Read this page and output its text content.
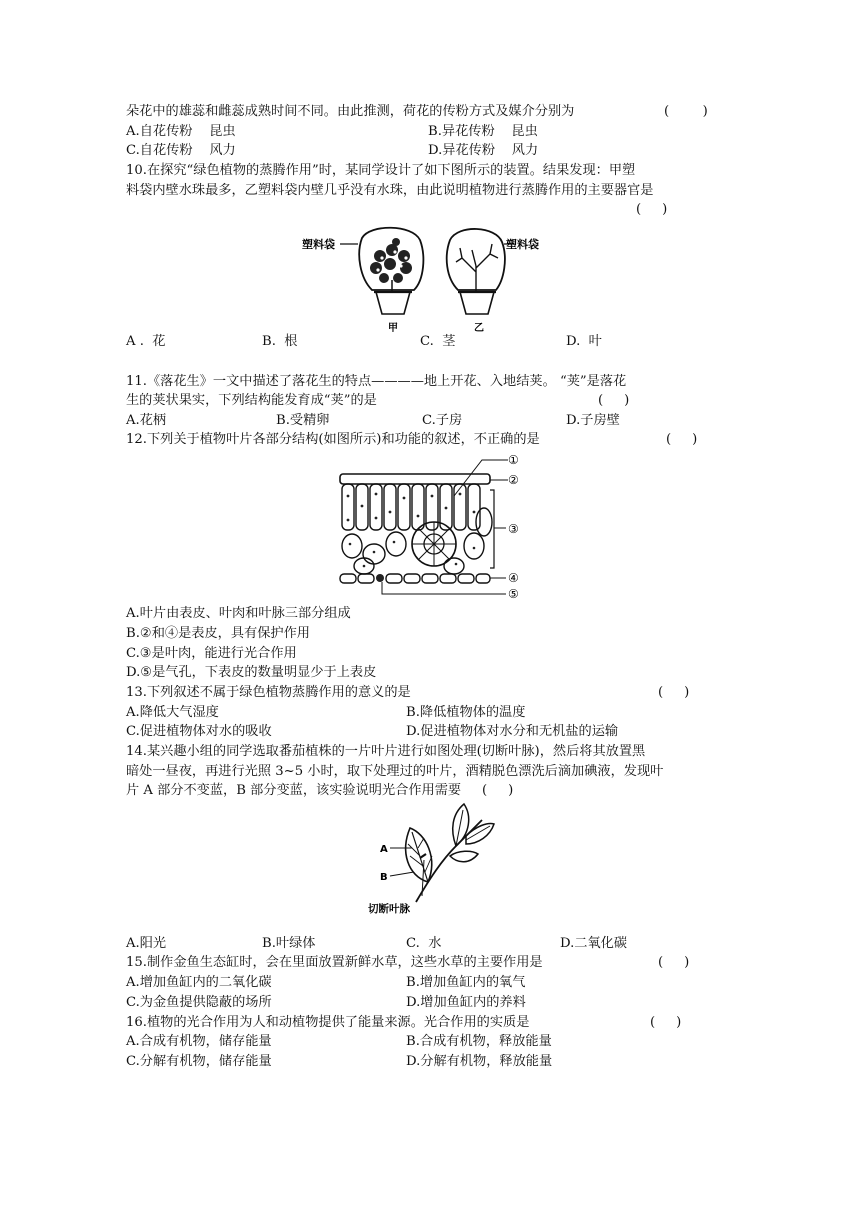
朵花中的雄蕊和雌蕊成熟时间不同。由此推测，荷花的传粉方式及媒介分别为	(        )
A.自花传粉    昆虫	B.异花传粉    昆虫
C.自花传粉    风力	D.异花传粉    风力
10.在探究“绿色植物的蒸腾作用”时，某同学设计了如下图所示的装置。结果发现：甲塑
料袋内壁水珠最多，乙塑料袋内壁几乎没有水珠，由此说明植物进行蒸腾作用的主要器官是
(     )
塑料袋
甲	乙
塑料袋
A .  花	B.  根	C.  茎	D.  叶
11.《落花生》一文中描述了落花生的特点————地上开花、入地结荚。 “荚”是落花
生的荚状果实，下列结构能发育成“荚”的是	(     )
A.花柄	B.受精卵	C.子房	D.子房壁
12.下列关于植物叶片各部分结构(如图所示)和功能的叙述，不正确的是	(     )
①
②
③
④
⑤
A.叶片由表皮、叶肉和叶脉三部分组成
B.②和④是表皮，具有保护作用
C.③是叶肉，能进行光合作用
D.⑤是气孔，下表皮的数量明显少于上表皮
13.下列叙述不属于绿色植物蒸腾作用的意义的是	(     )
A.降低大气湿度	B.降低植物体的温度
C.促进植物体对水的吸收	D.促进植物体对水分和无机盐的运输
14.某兴趣小组的同学选取番茄植株的一片叶片进行如图处理(切断叶脉)，然后将其放置黑
暗处一昼夜，再进行光照 3~5 小时，取下处理过的叶片，酒精脱色漂洗后滴加碘液，发现叶
片 A 部分不变蓝，B 部分变蓝，该实验说明光合作用需要 (     )
A
B
切断叶脉
A.阳光	B.叶绿体	C.  水	D.二氧化碳
15.制作金鱼生态缸时，会在里面放置新鲜水草，这些水草的主要作用是	(     )
A.增加鱼缸内的二氧化碳	B.增加鱼缸内的氧气
C.为金鱼提供隐蔽的场所	D.增加鱼缸内的养料
16.植物的光合作用为人和动植物提供了能量来源。光合作用的实质是	(     )
A.合成有机物，储存能量	B.合成有机物，释放能量
C.分解有机物，储存能量	D.分解有机物，释放能量
